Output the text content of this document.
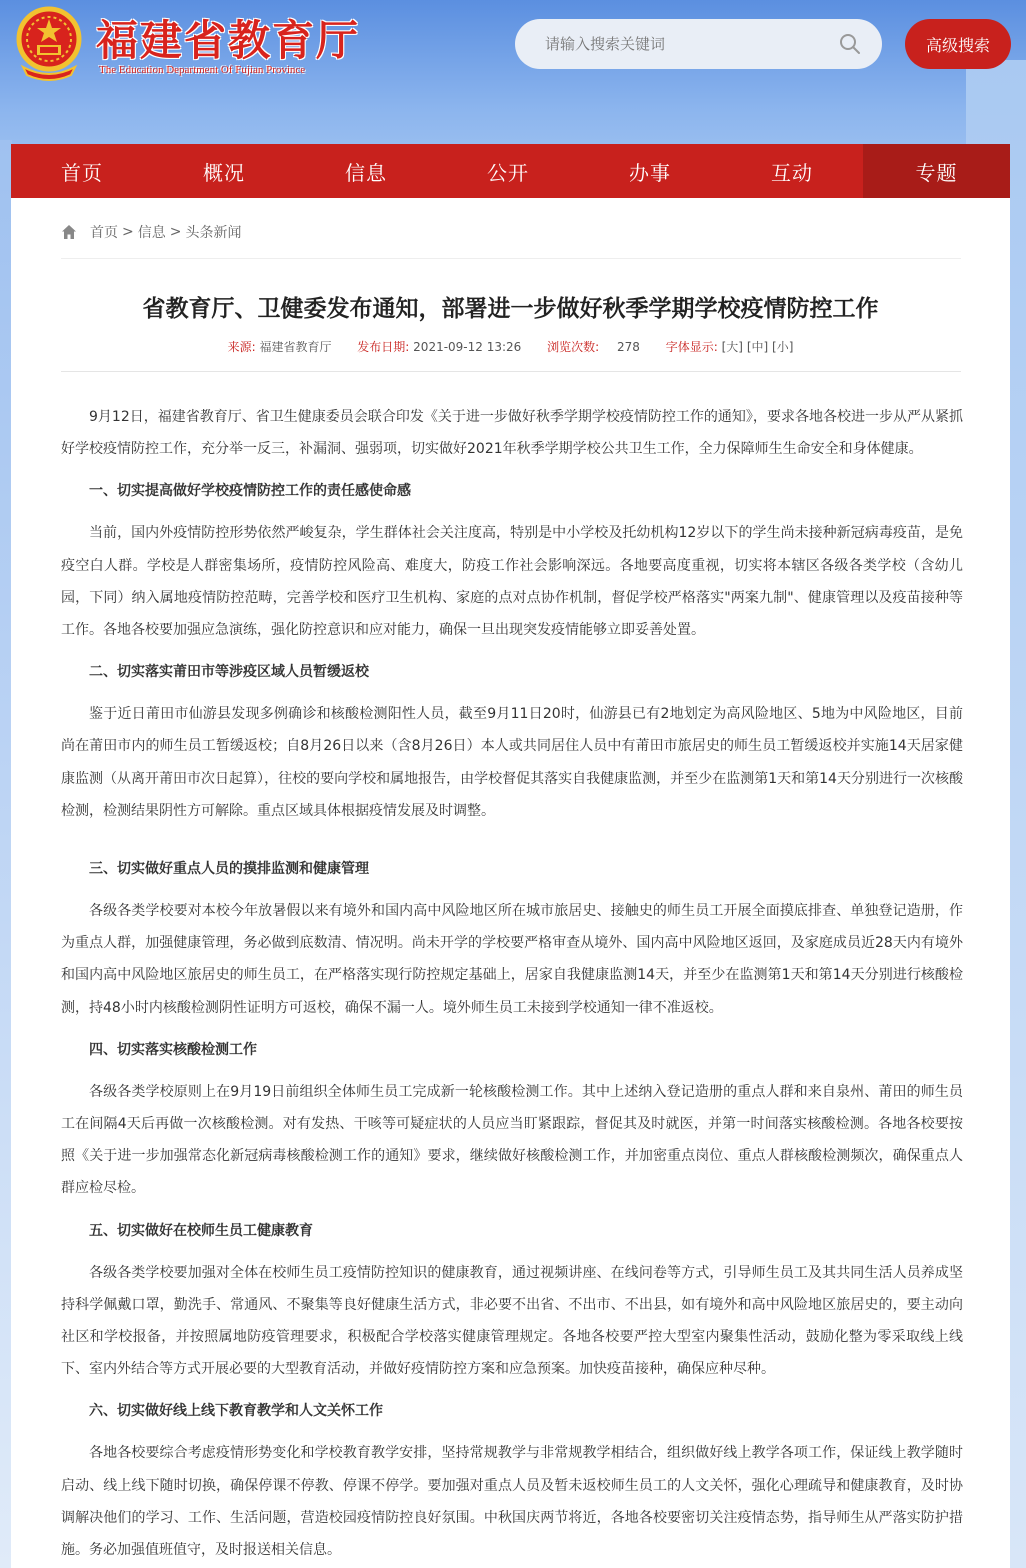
福建省教育厅
The Education Department Of Fujian Province
请输入搜索关键词
高级搜索
首页	概况	信息	公开	办事	互动	专题
首页 > 信息 > 头条新闻
省教育厅、卫健委发布通知，部署进一步做好秋季学期学校疫情防控工作
来源: 福建省教育厅 发布日期: 2021-09-12 13:26 浏览次数: 278 字体显示: [大] [中] [小]

9月12日，福建省教育厅、省卫生健康委员会联合印发《关于进一步做好秋季学期学校疫情防控工作的通知》，要求各地各校进一步从严从紧抓好学校疫情防控工作，充分举一反三，补漏洞、强弱项，切实做好2021年秋季学期学校公共卫生工作，全力保障师生生命安全和身体健康。

一、切实提高做好学校疫情防控工作的责任感使命感

当前，国内外疫情防控形势依然严峻复杂，学生群体社会关注度高，特别是中小学校及托幼机构12岁以下的学生尚未接种新冠病毒疫苗，是免疫空白人群。学校是人群密集场所，疫情防控风险高、难度大，防疫工作社会影响深远。各地要高度重视，切实将本辖区各级各类学校（含幼儿园，下同）纳入属地疫情防控范畴，完善学校和医疗卫生机构、家庭的点对点协作机制，督促学校严格落实"两案九制"、健康管理以及疫苗接种等工作。各地各校要加强应急演练，强化防控意识和应对能力，确保一旦出现突发疫情能够立即妥善处置。

二、切实落实莆田市等涉疫区域人员暂缓返校

鉴于近日莆田市仙游县发现多例确诊和核酸检测阳性人员，截至9月11日20时，仙游县已有2地划定为高风险地区、5地为中风险地区，目前尚在莆田市内的师生员工暂缓返校；自8月26日以来（含8月26日）本人或共同居住人员中有莆田市旅居史的师生员工暂缓返校并实施14天居家健康监测（从离开莆田市次日起算），往校的要向学校和属地报告，由学校督促其落实自我健康监测，并至少在监测第1天和第14天分别进行一次核酸检测，检测结果阴性方可解除。重点区域具体根据疫情发展及时调整。

三、切实做好重点人员的摸排监测和健康管理

各级各类学校要对本校今年放暑假以来有境外和国内高中风险地区所在城市旅居史、接触史的师生员工开展全面摸底排查、单独登记造册，作为重点人群，加强健康管理，务必做到底数清、情况明。尚未开学的学校要严格审查从境外、国内高中风险地区返回，及家庭成员近28天内有境外和国内高中风险地区旅居史的师生员工，在严格落实现行防控规定基础上，居家自我健康监测14天，并至少在监测第1天和第14天分别进行核酸检测，持48小时内核酸检测阴性证明方可返校，确保不漏一人。境外师生员工未接到学校通知一律不准返校。

四、切实落实核酸检测工作

各级各类学校原则上在9月19日前组织全体师生员工完成新一轮核酸检测工作。其中上述纳入登记造册的重点人群和来自泉州、莆田的师生员工在间隔4天后再做一次核酸检测。对有发热、干咳等可疑症状的人员应当盯紧跟踪，督促其及时就医，并第一时间落实核酸检测。各地各校要按照《关于进一步加强常态化新冠病毒核酸检测工作的通知》要求，继续做好核酸检测工作，并加密重点岗位、重点人群核酸检测频次，确保重点人群应检尽检。

五、切实做好在校师生员工健康教育

各级各类学校要加强对全体在校师生员工疫情防控知识的健康教育，通过视频讲座、在线问卷等方式，引导师生员工及其共同生活人员养成坚持科学佩戴口罩，勤洗手、常通风、不聚集等良好健康生活方式，非必要不出省、不出市、不出县，如有境外和高中风险地区旅居史的，要主动向社区和学校报备，并按照属地防疫管理要求，积极配合学校落实健康管理规定。各地各校要严控大型室内聚集性活动，鼓励化整为零采取线上线下、室内外结合等方式开展必要的大型教育活动，并做好疫情防控方案和应急预案。加快疫苗接种，确保应种尽种。

六、切实做好线上线下教育教学和人文关怀工作

各地各校要综合考虑疫情形势变化和学校教育教学安排，坚持常规教学与非常规教学相结合，组织做好线上教学各项工作，保证线上教学随时启动、线上线下随时切换，确保停课不停教、停课不停学。要加强对重点人员及暂未返校师生员工的人文关怀，强化心理疏导和健康教育，及时协调解决他们的学习、工作、生活问题，营造校园疫情防控良好氛围。中秋国庆两节将近，各地各校要密切关注疫情态势，指导师生从严落实防护措施。务必加强值班值守，及时报送相关信息。
